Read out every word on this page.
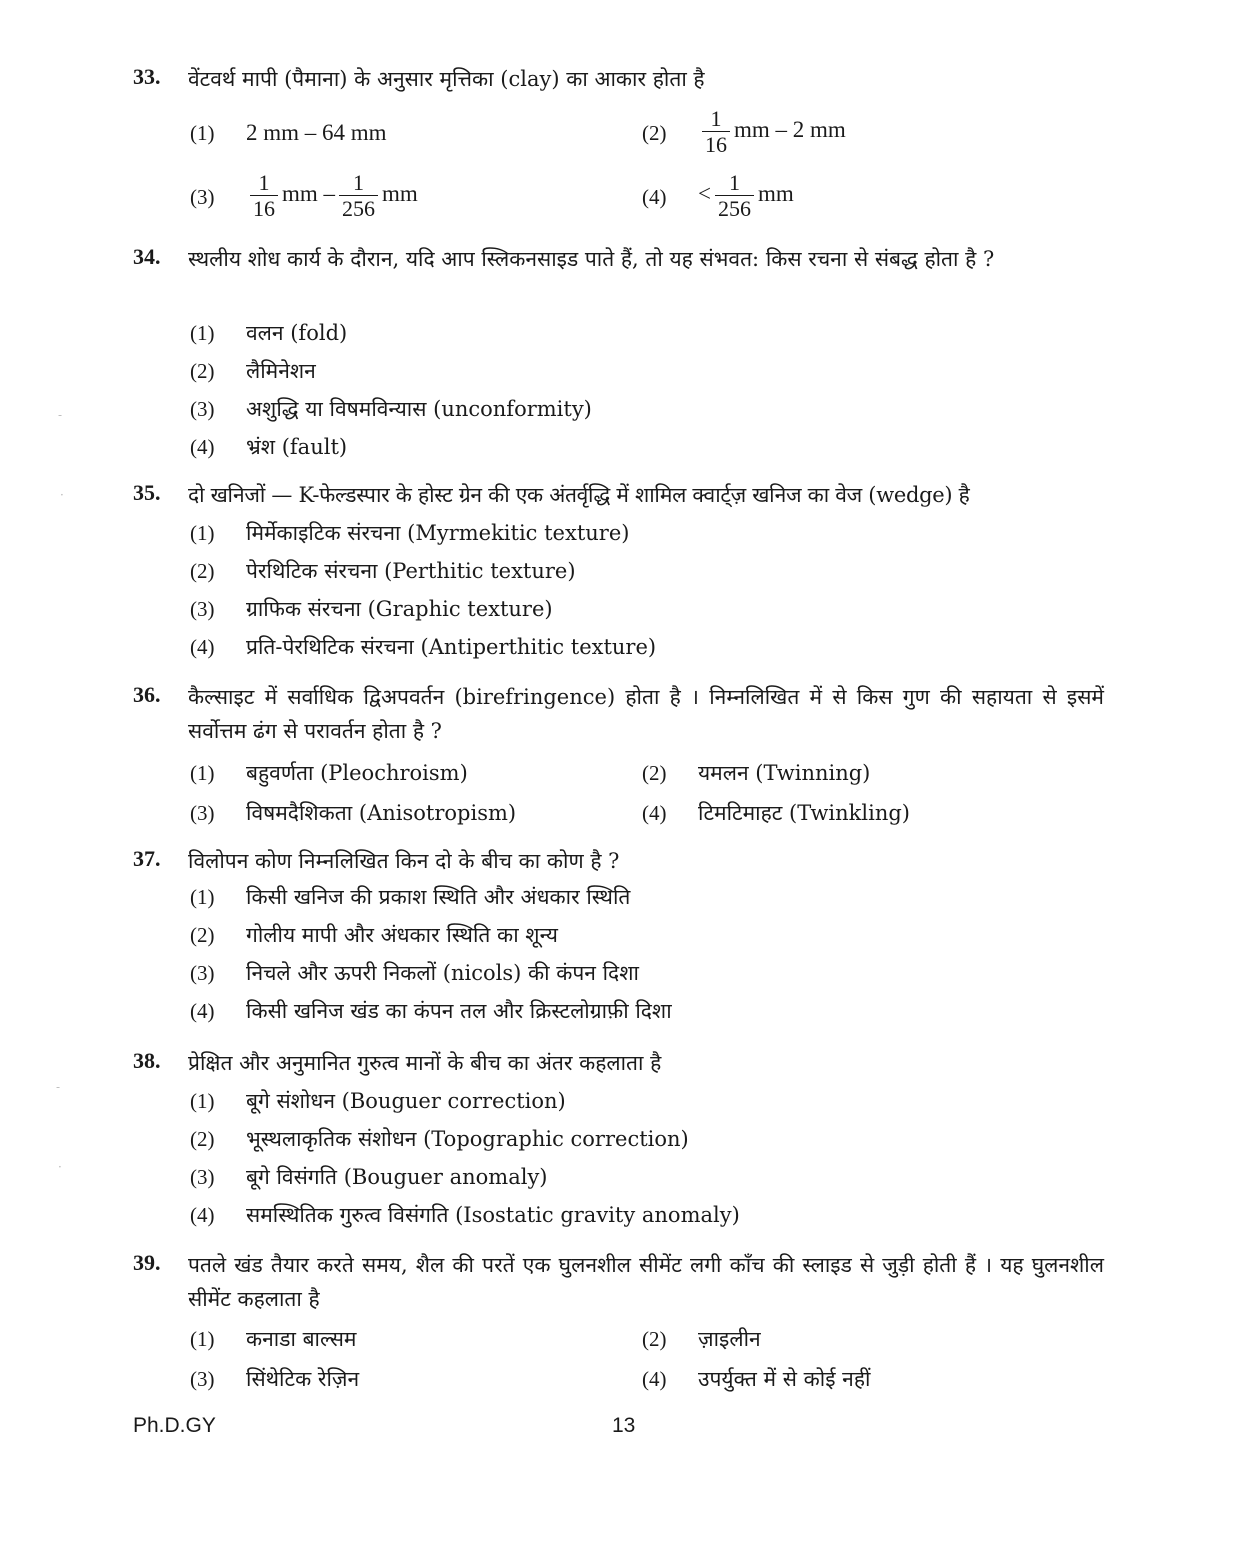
33. वेंटवर्थ मापी (पैमाना) के अनुसार मृत्तिका (clay) का आकार होता है
(1) 2 mm – 64 mm	$(2) \frac{1}{16}$ mm – 2 mm
$(3) \frac{1}{16}$ mm – $\frac{1}{256}$ mm	$(4) < \frac{1}{256}$ mm
34. स्थलीय शोध कार्य के दौरान, यदि आप स्लिकनसाइड पाते हैं, तो यह संभवत: किस रचना से संबद्ध होता है ?
(1) वलन (fold)
(2) लैमिनेशन
(3) अशुद्धि या विषमविन्यास (unconformity)
(4) भ्रंश (fault)
35. दो खनिजों — K-फेल्डस्पार के होस्ट ग्रेन की एक अंतर्वृद्धि में शामिल क्वार्ट्ज़ खनिज का वेज (wedge) है
(1) मिर्मेकाइटिक संरचना (Myrmekitic texture)
(2) पेरथिटिक संरचना (Perthitic texture)
(3) ग्राफिक संरचना (Graphic texture)
(4) प्रति-पेरथिटिक संरचना (Antiperthitic texture)
36. कैल्साइट में सर्वाधिक द्विअपवर्तन (birefringence) होता है । निम्नलिखित में से किस गुण की सहायता से इसमें सर्वोत्तम ढंग से परावर्तन होता है ?
(1) बहुवर्णता (Pleochroism)	(2) यमलन (Twinning)
(3) विषमदैशिकता (Anisotropism)	(4) टिमटिमाहट (Twinkling)
37. विलोपन कोण निम्नलिखित किन दो के बीच का कोण है ?
(1) किसी खनिज की प्रकाश स्थिति और अंधकार स्थिति
(2) गोलीय मापी और अंधकार स्थिति का शून्य
(3) निचले और ऊपरी निकलों (nicols) की कंपन दिशा
(4) किसी खनिज खंड का कंपन तल और क्रिस्टलोग्राफ़ी दिशा
38. प्रेक्षित और अनुमानित गुरुत्व मानों के बीच का अंतर कहलाता है
(1) बूगे संशोधन (Bouguer correction)
(2) भूस्थलाकृतिक संशोधन (Topographic correction)
(3) बूगे विसंगति (Bouguer anomaly)
(4) समस्थितिक गुरुत्व विसंगति (Isostatic gravity anomaly)
39. पतले खंड तैयार करते समय, शैल की परतें एक घुलनशील सीमेंट लगी काँच की स्लाइड से जुड़ी होती हैं । यह घुलनशील सीमेंट कहलाता है
(1) कनाडा बाल्सम	(2) ज़ाइलीन
(3) सिंथेटिक रेज़िन	(4) उपर्युक्त में से कोई नहीं
Ph.D.GY	13
-
·
-
·
